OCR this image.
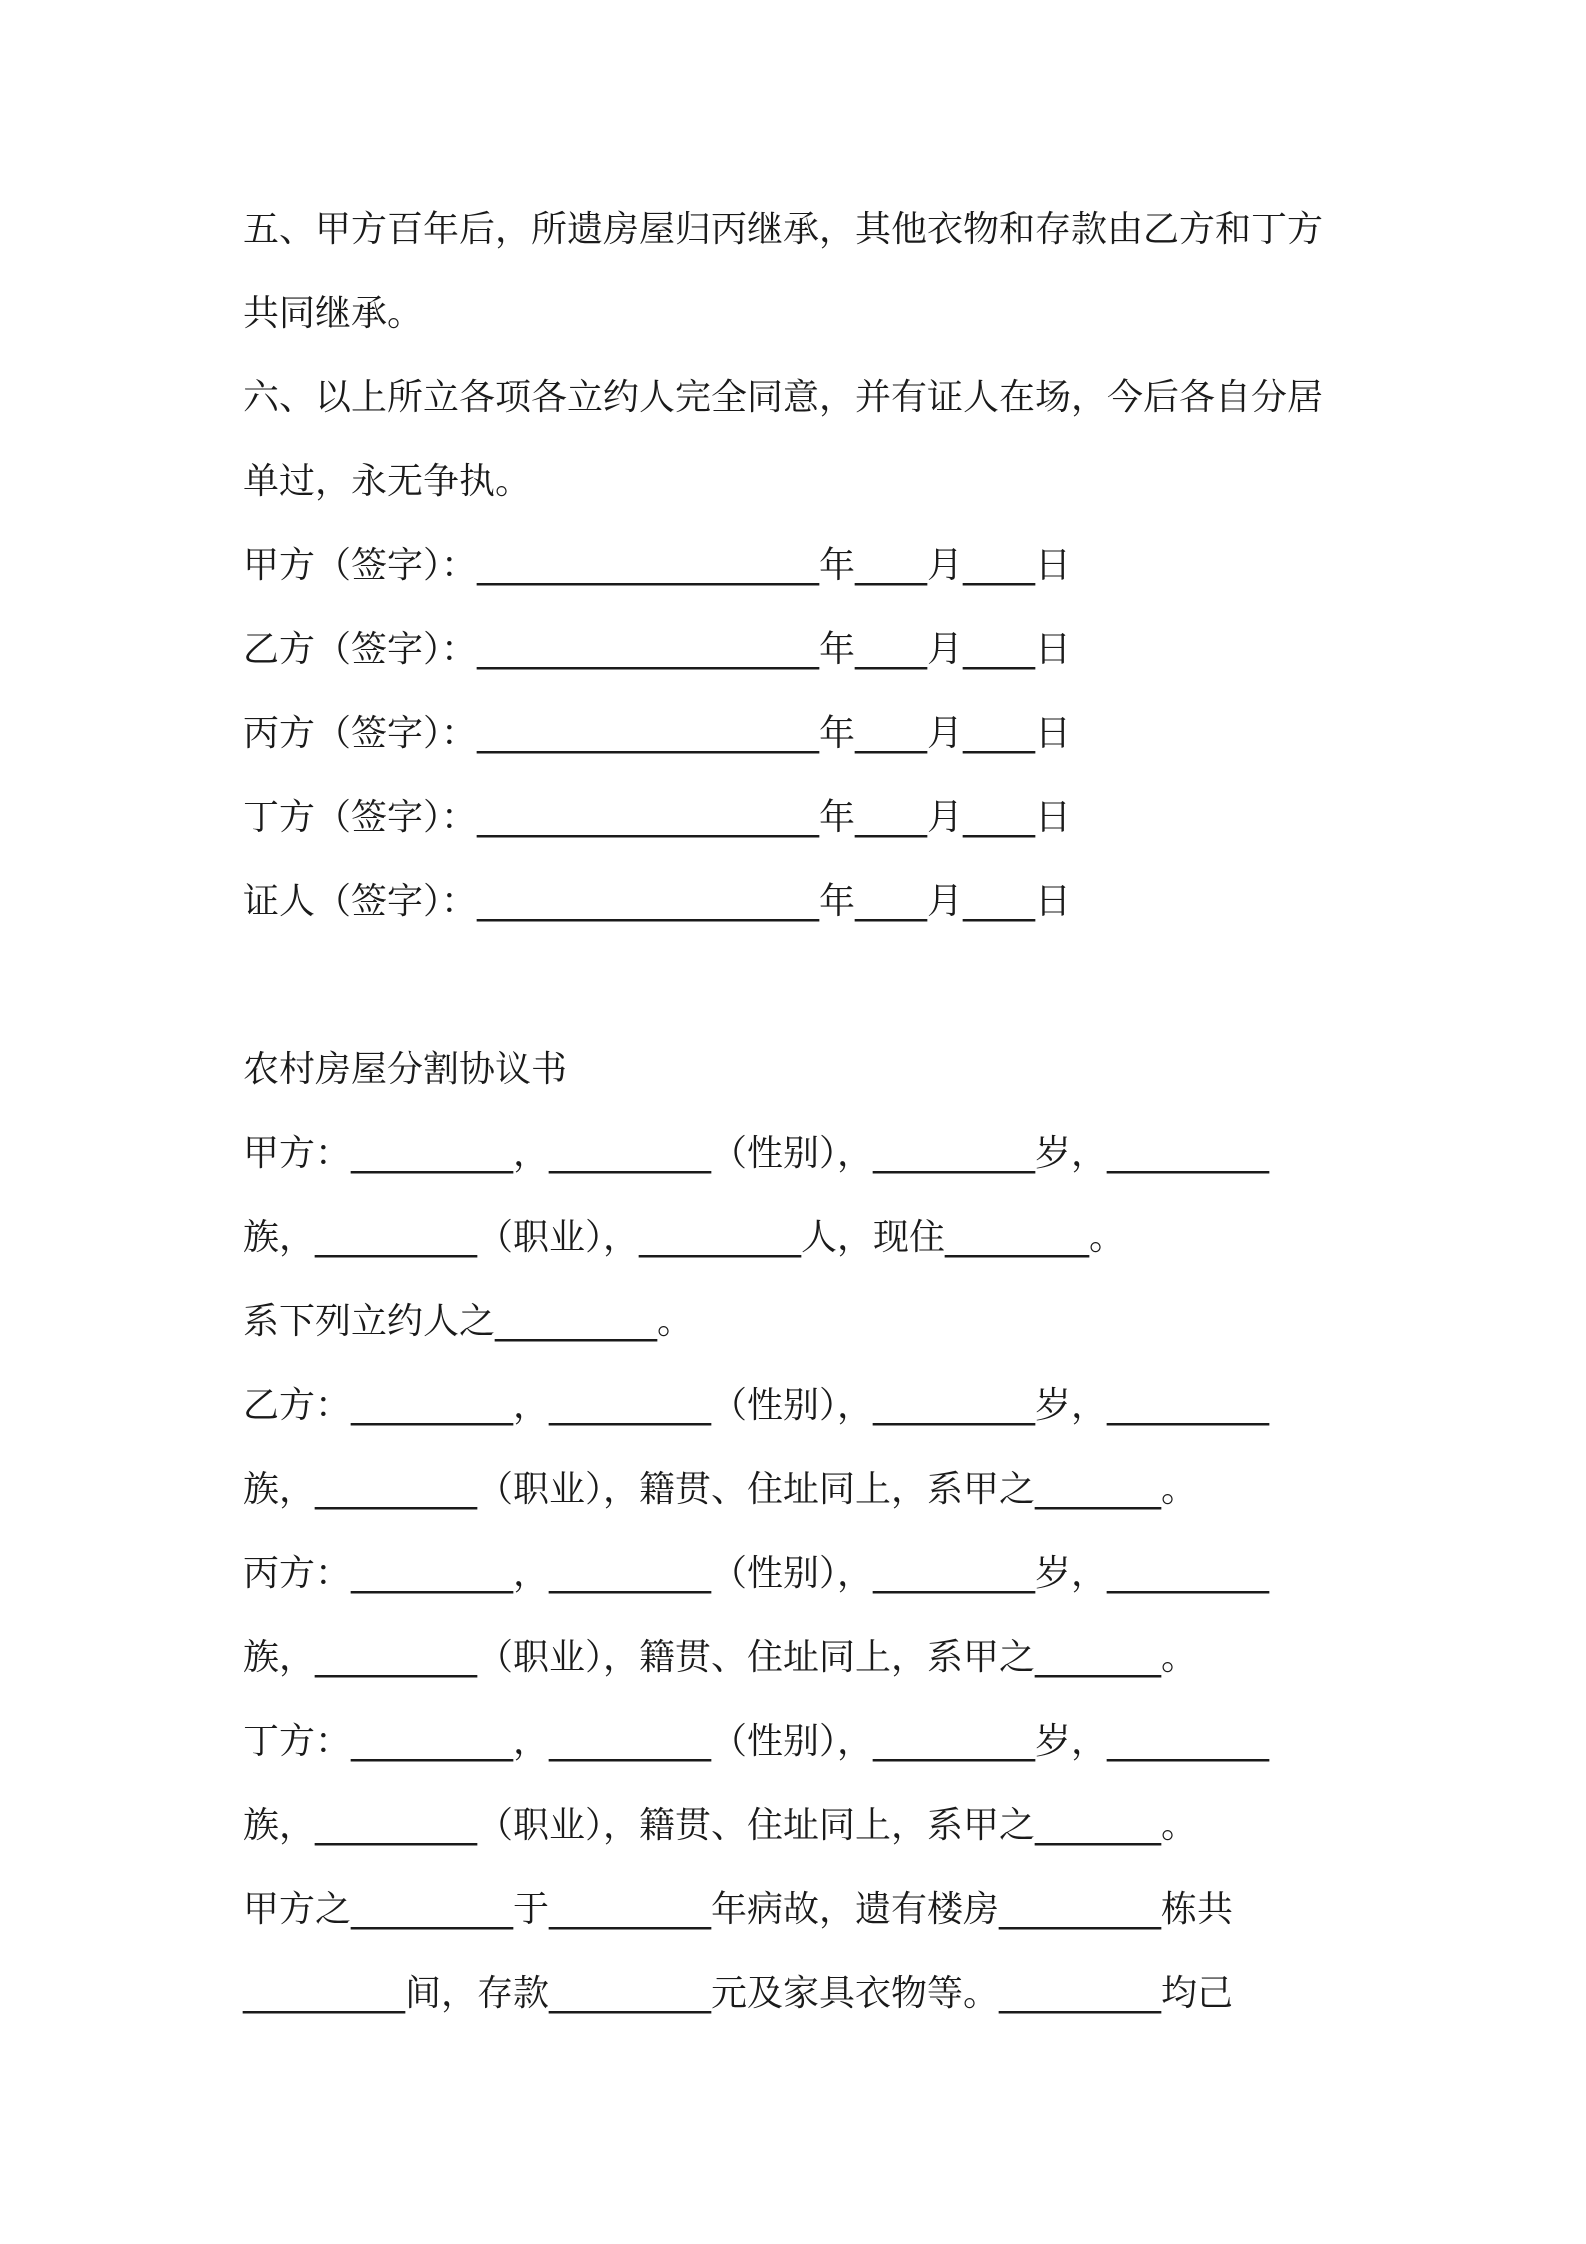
五、甲方百年后，所遗房屋归丙继承，其他衣物和存款由乙方和丁方
共同继承。
六、以上所立各项各立约人完全同意，并有证人在场，今后各自分居
单过，永无争执。
甲方（签字）：___________________年____月____日
乙方（签字）：___________________年____月____日
丙方（签字）：___________________年____月____日
丁方（签字）：___________________年____月____日
证人（签字）：___________________年____月____日
农村房屋分割协议书
甲方：_________，_________（性别），_________岁，_________
族，_________（职业），_________人，现住________。
系下列立约人之_________。
乙方：_________，_________（性别），_________岁，_________
族，_________（职业），籍贯、住址同上，系甲之_______。
丙方：_________，_________（性别），_________岁，_________
族，_________（职业），籍贯、住址同上，系甲之_______。
丁方：_________，_________（性别），_________岁，_________
族，_________（职业），籍贯、住址同上，系甲之_______。
甲方之_________于_________年病故，遗有楼房_________栋共
_________间，存款_________元及家具衣物等。_________均己
